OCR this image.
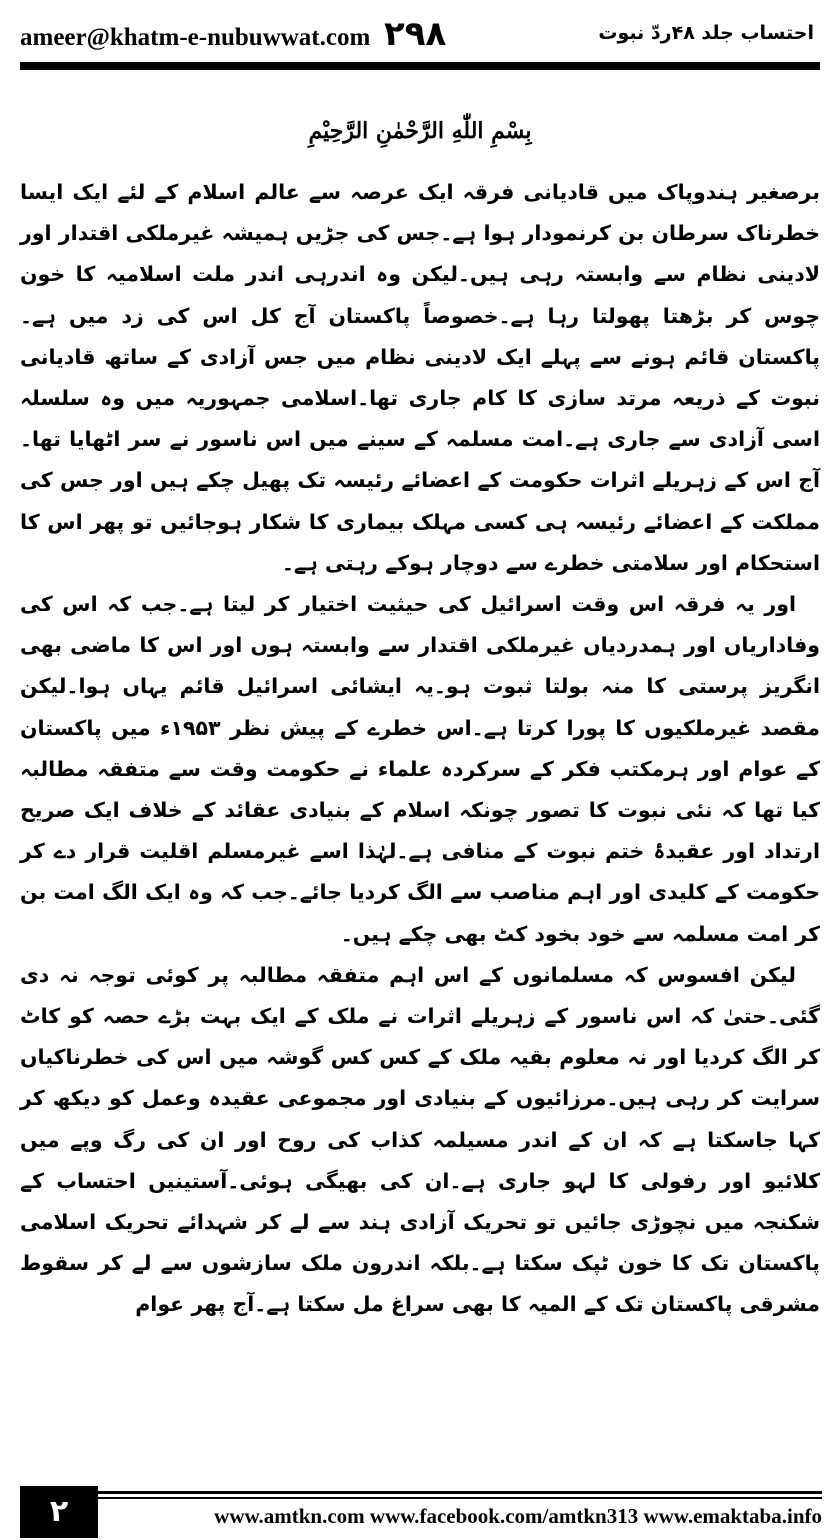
ameer@khatm-e-nubuwwat.com ۲۹۸	احتساب جلد ۴۸ردّ نبوت
بِسْمِ اللّٰهِ الرَّحْمٰنِ الرَّحِيْمِ

برصغیر ہندوپاک میں قادیانی فرقہ ایک عرصہ سے عالم اسلام کے لئے ایک ایسا خطرناک سرطان بن کرنمودار ہوا ہے۔جس کی جڑیں ہمیشہ غیرملکی اقتدار اور لادینی نظام سے وابستہ رہی ہیں۔لیکن وہ اندرہی اندر ملت اسلامیہ کا خون چوس کر بڑھتا پھولتا رہا ہے۔خصوصاً پاکستان آج کل اس کی زد میں ہے۔ پاکستان قائم ہونے سے پہلے ایک لادینی نظام میں جس آزادی کے ساتھ قادیانی نبوت کے ذریعہ مرتد سازی کا کام جاری تھا۔اسلامی جمہوریہ میں وہ سلسلہ اسی آزادی سے جاری ہے۔امت مسلمہ کے سینے میں اس ناسور نے سر اٹھایا تھا۔آج اس کے زہریلے اثرات حکومت کے اعضائے رئیسہ تک پھیل چکے ہیں اور جس کی مملکت کے اعضائے رئیسہ ہی کسی مہلک بیماری کا شکار ہوجائیں تو پھر اس کا استحکام اور سلامتی خطرے سے دوچار ہوکے رہتی ہے۔

اور یہ فرقہ اس وقت اسرائیل کی حیثیت اختیار کر لیتا ہے۔جب کہ اس کی وفاداریاں اور ہمدردیاں غیرملکی اقتدار سے وابستہ ہوں اور اس کا ماضی بھی انگریز پرستی کا منہ بولتا ثبوت ہو۔یہ ایشائی اسرائیل قائم یہاں ہوا۔لیکن مقصد غیرملکیوں کا پورا کرتا ہے۔اس خطرے کے پیش نظر ۱۹۵۳ء میں پاکستان کے عوام اور ہرمکتب فکر کے سرکردہ علماء نے حکومت وقت سے متفقہ مطالبہ کیا تھا کہ نئی نبوت کا تصور چونکہ اسلام کے بنیادی عقائد کے خلاف ایک صریح ارتداد اور عقیدۂ ختم نبوت کے منافی ہے۔لہٰذا اسے غیرمسلم اقلیت قرار دے کر حکومت کے کلیدی اور اہم مناصب سے الگ کردیا جائے۔جب کہ وہ ایک الگ امت بن کر امت مسلمہ سے خود بخود کٹ بھی چکے ہیں۔

لیکن افسوس کہ مسلمانوں کے اس اہم متفقہ مطالبہ پر کوئی توجہ نہ دی گئی۔حتیٰ کہ اس ناسور کے زہریلے اثرات نے ملک کے ایک بہت بڑے حصہ کو کاٹ کر الگ کردیا اور نہ معلوم بقیہ ملک کے کس کس گوشہ میں اس کی خطرناکیاں سرایت کر رہی ہیں۔مرزائیوں کے بنیادی اور مجموعی عقیدہ وعمل کو دیکھ کر کہا جاسکتا ہے کہ ان کے اندر مسیلمہ کذاب کی روح اور ان کی رگ وپے میں کلائیو اور رفولی کا لہو جاری ہے۔ان کی بھیگی ہوئی۔آستینیں احتساب کے شکنجہ میں نچوڑی جائیں تو تحریک آزادی ہند سے لے کر شہدائے تحریک اسلامی پاکستان تک کا خون ٹپک سکتا ہے۔بلکہ اندرون ملک سازشوں سے لے کر سقوط مشرقی پاکستان تک کے المیہ کا بھی سراغ مل سکتا ہے۔آج پھر عوام

۲	www.amtkn.com www.facebook.com/amtkn313 www.emaktaba.info
